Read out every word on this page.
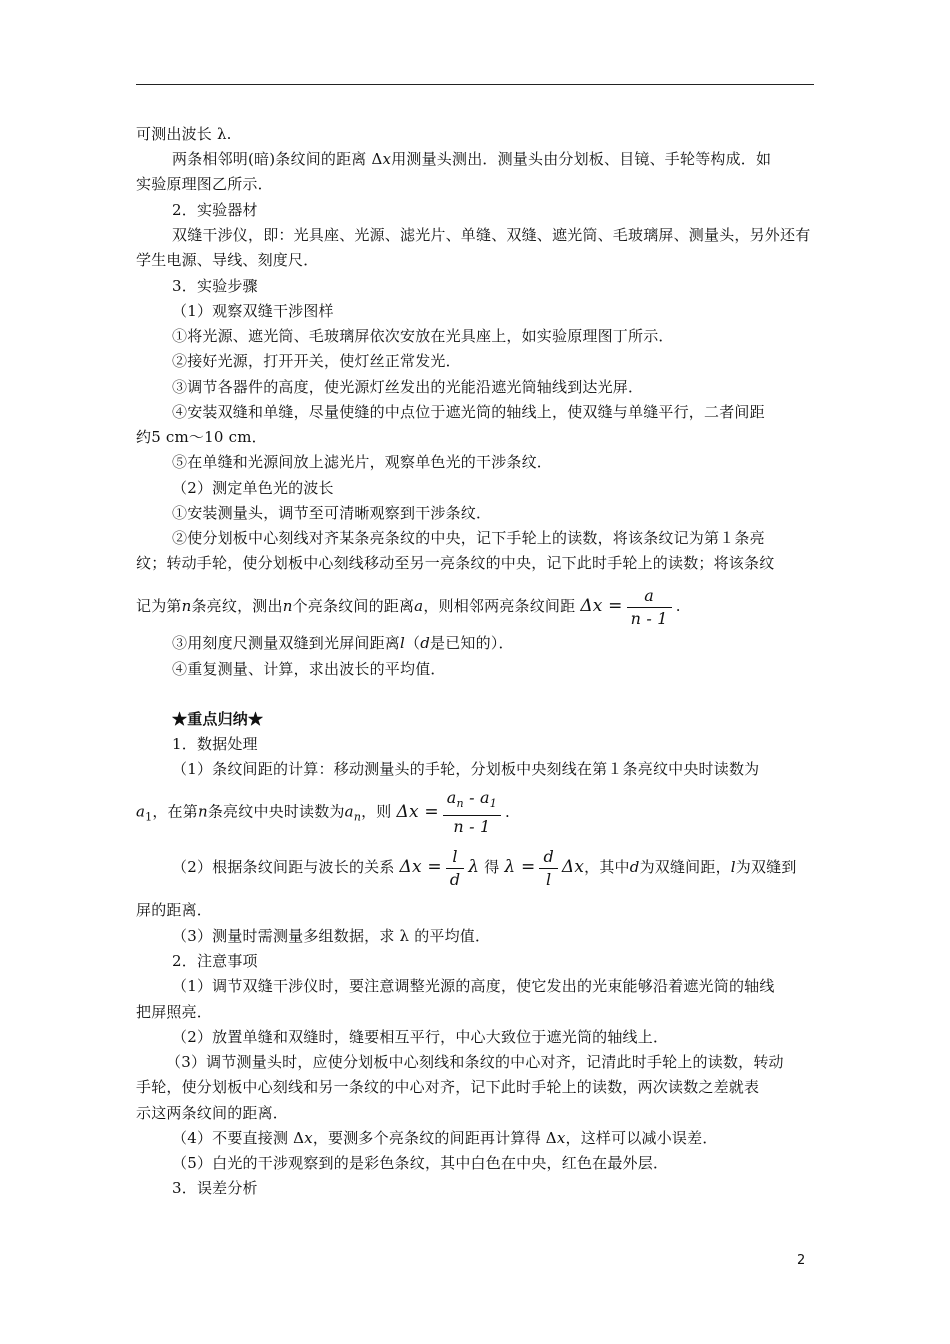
可测出波长 λ.
两条相邻明(暗)条纹间的距离 Δx用测量头测出．测量头由分划板、目镜、手轮等构成．如
实验原理图乙所示．
2．实验器材
双缝干涉仪，即：光具座、光源、滤光片、单缝、双缝、遮光筒、毛玻璃屏、测量头，另外还有
学生电源、导线、刻度尺．
3．实验步骤
（1）观察双缝干涉图样
①将光源、遮光筒、毛玻璃屏依次安放在光具座上，如实验原理图丁所示．
②接好光源，打开开关，使灯丝正常发光．
③调节各器件的高度，使光源灯丝发出的光能沿遮光筒轴线到达光屏．
④安装双缝和单缝，尽量使缝的中点位于遮光筒的轴线上，使双缝与单缝平行，二者间距
约5 cm～10 cm．
⑤在单缝和光源间放上滤光片，观察单色光的干涉条纹．
（2）测定单色光的波长
①安装测量头，调节至可清晰观察到干涉条纹．
②使分划板中心刻线对齐某条亮条纹的中央，记下手轮上的读数，将该条纹记为第１条亮
纹；转动手轮，使分划板中心刻线移动至另一亮条纹的中央，记下此时手轮上的读数；将该条纹
记为第n条亮纹，测出n个亮条纹间的距离a，则相邻两亮条纹间距 $\Delta x = \frac{a}{n - 1}$ .
③用刻度尺测量双缝到光屏间距离l（d是已知的）．
④重复测量、计算，求出波长的平均值．
★重点归纳★
1．数据处理
（1）条纹间距的计算：移动测量头的手轮，分划板中央刻线在第１条亮纹中央时读数为
$a_1$，在第n条亮纹中央时读数为$a_n$，则 $\Delta x = \frac{a_n - a_1}{n - 1}$ .
（2）根据条纹间距与波长的关系 $\Delta x = \frac{l}{d}$ λ 得 $\lambda = \frac{d}{l}$ Δx，其中d为双缝间距，l为双缝到
屏的距离．
（3）测量时需测量多组数据，求 λ 的平均值．
2．注意事项
（1）调节双缝干涉仪时，要注意调整光源的高度，使它发出的光束能够沿着遮光筒的轴线
把屏照亮．
（2）放置单缝和双缝时，缝要相互平行，中心大致位于遮光筒的轴线上．
（3）调节测量头时，应使分划板中心刻线和条纹的中心对齐，记清此时手轮上的读数，转动
手轮，使分划板中心刻线和另一条纹的中心对齐，记下此时手轮上的读数，两次读数之差就表
示这两条纹间的距离．
（4）不要直接测 Δx，要测多个亮条纹的间距再计算得 Δx，这样可以减小误差．
（5）白光的干涉观察到的是彩色条纹，其中白色在中央，红色在最外层．
3．误差分析
2
